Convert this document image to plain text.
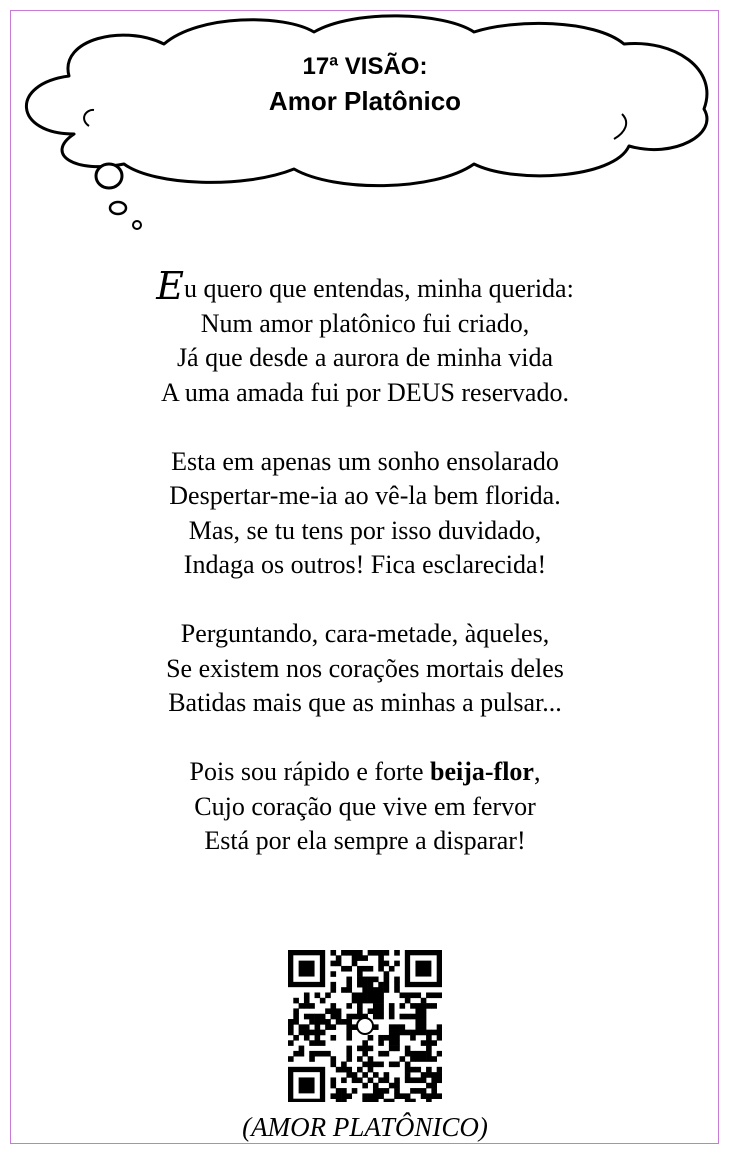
17ª VISÃO:
Amor Platônico
Eu quero que entendas, minha querida:
Num amor platônico fui criado,
Já que desde a aurora de minha vida
A uma amada fui por DEUS reservado.
Esta em apenas um sonho ensolarado
Despertar-me-ia ao vê-la bem florida.
Mas, se tu tens por isso duvidado,
Indaga os outros! Fica esclarecida!
Perguntando, cara-metade, àqueles,
Se existem nos corações mortais deles
Batidas mais que as minhas a pulsar...
Pois sou rápido e forte beija-flor,
Cujo coração que vive em fervor
Está por ela sempre a disparar!
(AMOR PLATÔNICO)
